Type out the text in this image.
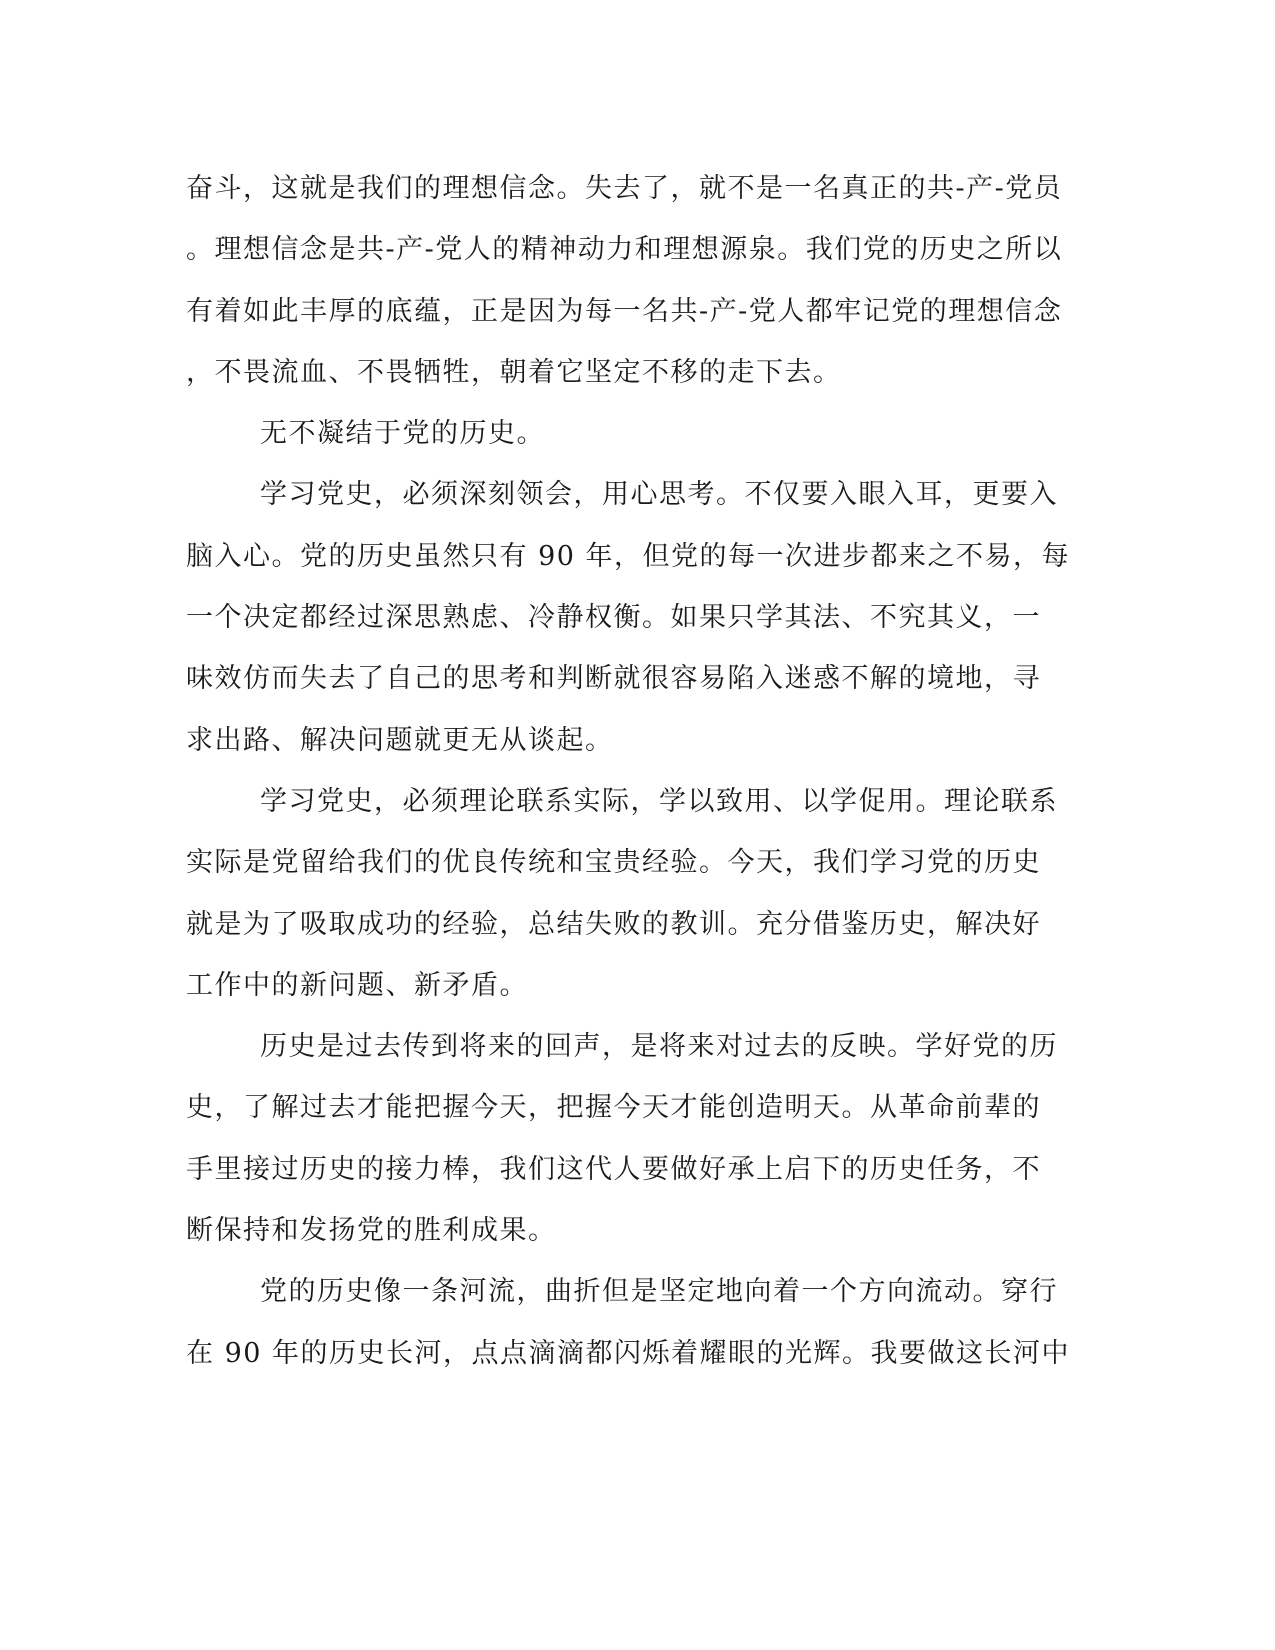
奋斗，这就是我们的理想信念。失去了，就不是一名真正的共-产-党员
。理想信念是共-产-党人的精神动力和理想源泉。我们党的历史之所以
有着如此丰厚的底蕴，正是因为每一名共-产-党人都牢记党的理想信念
，不畏流血、不畏牺牲，朝着它坚定不移的走下去。
无不凝结于党的历史。
学习党史，必须深刻领会，用心思考。不仅要入眼入耳，更要入
脑入心。党的历史虽然只有 90 年，但党的每一次进步都来之不易，每
一个决定都经过深思熟虑、冷静权衡。如果只学其法、不究其义，一
味效仿而失去了自己的思考和判断就很容易陷入迷惑不解的境地，寻
求出路、解决问题就更无从谈起。
学习党史，必须理论联系实际，学以致用、以学促用。理论联系
实际是党留给我们的优良传统和宝贵经验。今天，我们学习党的历史
就是为了吸取成功的经验，总结失败的教训。充分借鉴历史，解决好
工作中的新问题、新矛盾。
历史是过去传到将来的回声，是将来对过去的反映。学好党的历
史，了解过去才能把握今天，把握今天才能创造明天。从革命前辈的
手里接过历史的接力棒，我们这代人要做好承上启下的历史任务，不
断保持和发扬党的胜利成果。
党的历史像一条河流，曲折但是坚定地向着一个方向流动。穿行
在 90 年的历史长河，点点滴滴都闪烁着耀眼的光辉。我要做这长河中
